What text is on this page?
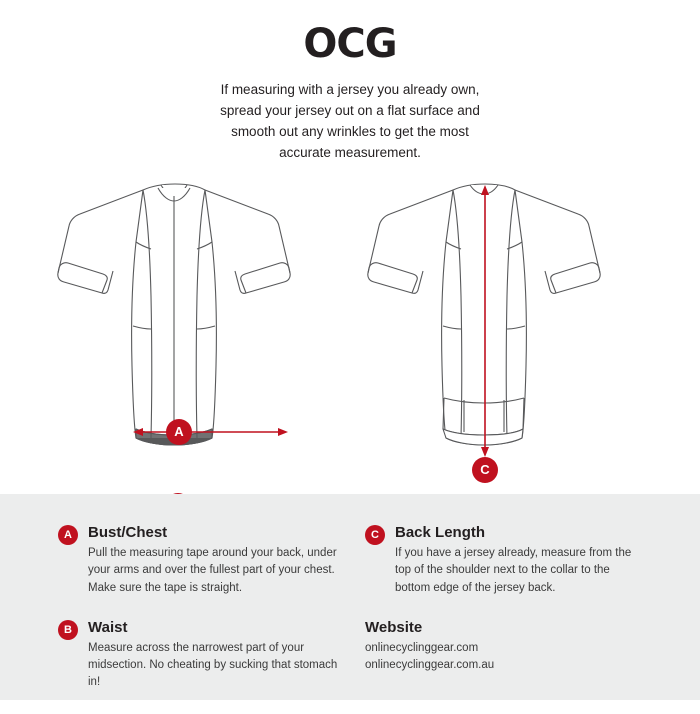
OCG
If measuring with a jersey you already own, spread your jersey out on a flat surface and smooth out any wrinkles to get the most accurate measurement.
A
C
A	Bust/Chest

Pull the measuring tape around your back, under your arms and over the fullest part of your chest. Make sure the tape is straight.

B	Waist

Measure across the narrowest part of your midsection. No cheating by sucking that stomach in!

C	Back Length

If you have a jersey already, measure from the top of the shoulder next to the collar to the bottom edge of the jersey back.

Website
onlinecyclinggear.com
onlinecyclinggear.com.au
